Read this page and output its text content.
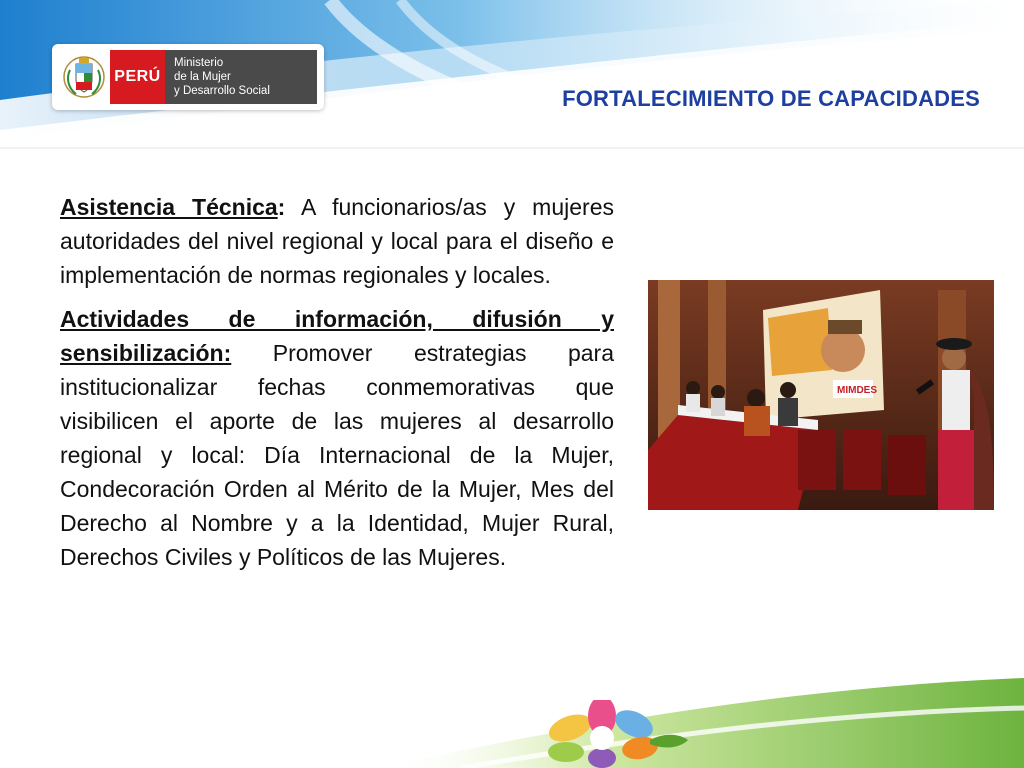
PERÚ
Ministerio
de la Mujer
y Desarrollo Social	FORTALECIMIENTO DE CAPACIDADES

Asistencia Técnica: A funcionarios/as y mujeres autoridades del nivel regional y local para el diseño e implementación de normas regionales y locales.

Actividades de información, difusión y sensibilización: Promover estrategias para institucionalizar fechas conmemorativas que visibilicen el aporte de las mujeres al desarrollo regional y local: Día Internacional de la Mujer, Condecoración Orden al Mérito de la Mujer, Mes del Derecho al Nombre y a la Identidad, Mujer Rural, Derechos Civiles y Políticos de las Mujeres.

MIMDES
